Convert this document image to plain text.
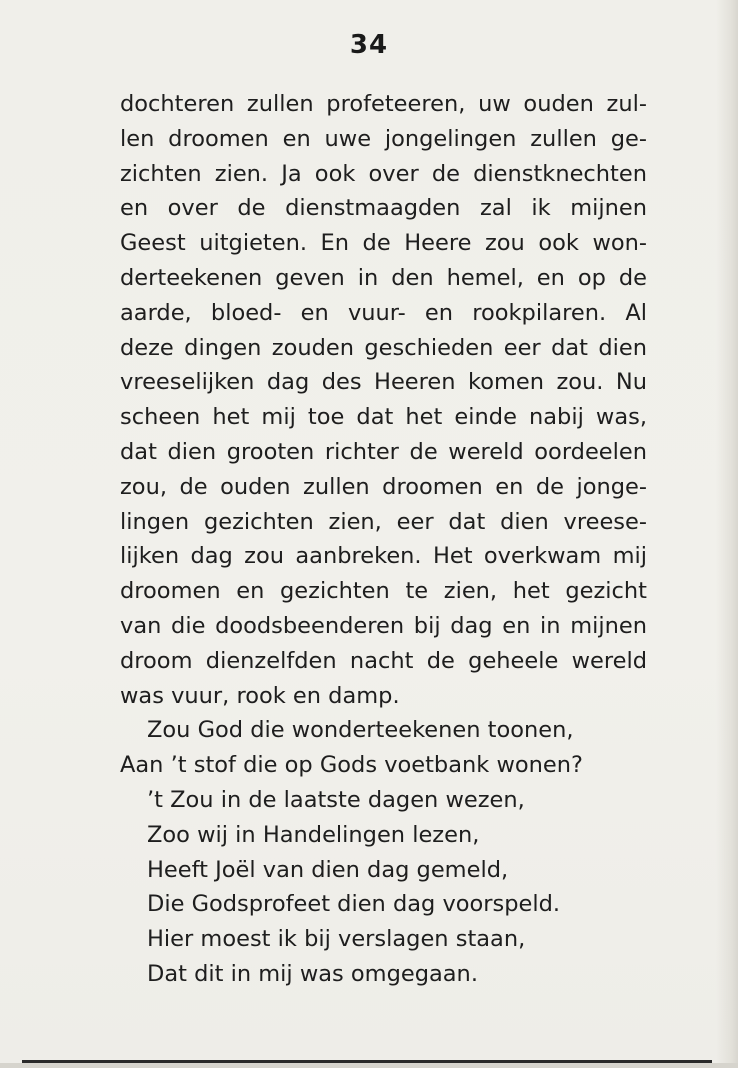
34
dochteren zullen profeteeren, uw ouden zul-
len droomen en uwe jongelingen zullen ge-
zichten zien. Ja ook over de dienstknechten
en over de dienstmaagden zal ik mijnen
Geest uitgieten. En de Heere zou ook won-
derteekenen geven in den hemel, en op de
aarde, bloed- en vuur- en rookpilaren. Al
deze dingen zouden geschieden eer dat dien
vreeselijken dag des Heeren komen zou. Nu
scheen het mij toe dat het einde nabij was,
dat dien grooten richter de wereld oordeelen
zou, de ouden zullen droomen en de jonge-
lingen gezichten zien, eer dat dien vreese-
lijken dag zou aanbreken. Het overkwam mij
droomen en gezichten te zien, het gezicht
van die doodsbeenderen bij dag en in mijnen
droom dienzelfden nacht de geheele wereld
was vuur, rook en damp.
Zou God die wonderteekenen toonen,
Aan ’t stof die op Gods voetbank wonen?
’t Zou in de laatste dagen wezen,
Zoo wij in Handelingen lezen,
Heeft Joël van dien dag gemeld,
Die Godsprofeet dien dag voorspeld.
Hier moest ik bij verslagen staan,
Dat dit in mij was omgegaan.
